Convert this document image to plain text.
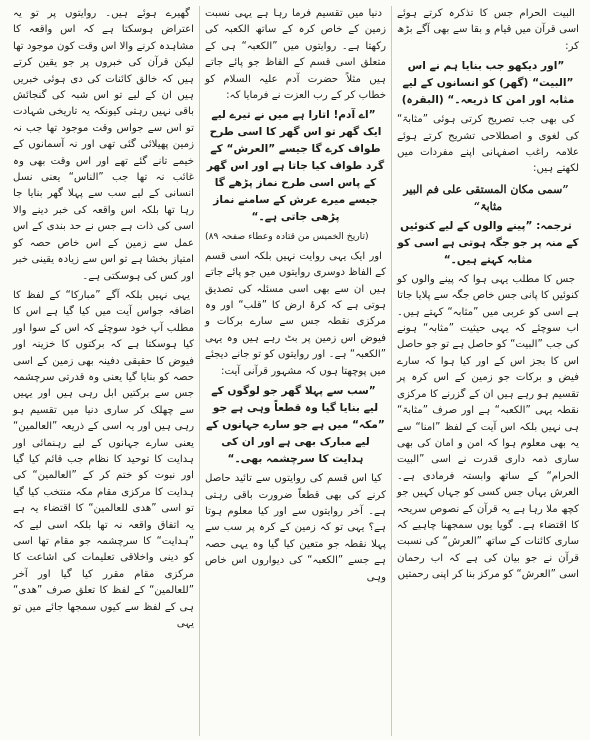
البیت الحرام جس کا تذکرہ کرتے ہوئے اسی قرآن میں قیام و بقا سے بھی آگے بڑھ کر:

”اور دیکھو جب بنایا ہم نے اس ”البیت“ (گھر) کو انسانوں کے لیے مثابہ اور امن کا ذریعہ۔“ (البقرہ)

کی بھی جب تصریح کرتی ہوئی ”مثابۃ“ کی لغوی و اصطلاحی تشریح کرتے ہوئے علامہ راغب اصفہانی اپنے مفردات میں لکھتے ہیں:

”سمی مکان المستقی علی فم البیر مثابۃ“

ترجمہ: ”پینے والوں کے لیے کنوئیں کے منہ پر جو جگہ ہوتی ہے اسی کو مثابہ کہتے ہیں۔“

جس کا مطلب یہی ہوا کہ پینے والوں کو کنوئیں کا پانی جس خاص جگہ سے پلایا جاتا ہے اسی کو عربی میں ”مثابہ“ کہتے ہیں۔ اب سوچئے کہ یہی حیثیت ”مثابہ“ ہونے کی جب ”البیت“ کو حاصل ہے تو جو حاصل اس کا بجز اس کے اور کیا ہوا کہ سارے فیض و برکات جو زمین کے اس کرہ پر تقسیم ہو رہے ہیں ان کے گزرنے کا مرکزی نقطہ یہی ”الکعبہ“ ہے اور صرف ”مثابۃ“ ہی نہیں بلکہ اس آیت کے لفظ ”امنا“ سے یہ بھی معلوم ہوا کہ امن و امان کی بھی ساری ذمہ داری قدرت نے اسی ”البیت الحرام“ کے ساتھ وابستہ فرمادی ہے۔ العرش یہاں جس کسی کو جہاں کہیں جو کچھ ملا رہا ہے یہ قرآن کے نصوص سریحہ کا اقتضاء ہے۔ گویا یوں سمجھنا چاہیے کہ ساری کائنات کے ساتھ ”العرش“ کی نسبت قرآن نے جو بیان کی ہے کہ اب رحمان اسی ”العرش“ کو مرکز بنا کر اپنی رحمتیں

دنیا میں تقسیم فرما رہا ہے یہی نسبت زمین کے خاص کرہ کے ساتھ الکعبہ کی رکھتا ہے۔ روایتوں میں ”الکعبہ“ ہی کے متعلق اسی قسم کے الفاظ جو پائے جاتے ہیں مثلاً حضرت آدم علیہ السلام کو خطاب کر کے رب العزت نے فرمایا کہ:

”اے آدم! اتارا ہے میں نے تیرے لیے ایک گھر تو اس گھر کا اسی طرح طواف کرے گا جیسے ”العرش“ کے گرد طواف کیا جاتا ہے اور اس گھر کے پاس اسی طرح نماز پڑھے گا جیسے میرے عرش کے سامنے نماز پڑھی جاتی ہے۔“

(تاریخ الخمیس من قتادہ وعطاء صفحہ ۸۹)

اور ایک یہی روایت نہیں بلکہ اسی قسم کے الفاظ دوسری روایتوں میں جو پائے جاتے ہیں ان سے بھی اسی مسئلہ کی تصدیق ہوتی ہے کہ کرۂ ارض کا ”قلب“ اور وہ مرکزی نقطہ جس سے سارے برکات و فیوض اس زمین پر بٹ رہے ہیں وہ یہی ”الکعبہ“ ہے۔ اور روایتوں کو تو جانے دیجئے میں پوچھتا ہوں کہ مشہور قرآنی آیت:

”سب سے پہلا گھر جو لوگوں کے لیے بنایا گیا وہ قطعاً وہی ہے جو ”مکہ“ میں ہے جو سارے جہانوں کے لیے مبارک بھی ہے اور ان کی ہدایت کا سرچشمہ بھی۔“

کیا اس قسم کی روایتوں سے تائید حاصل کرنے کی بھی قطعاً ضرورت باقی رہتی ہے۔ آخر روایتوں سے اور کیا معلوم ہوتا ہے؟ یہی تو کہ زمین کے کرہ پر سب سے پہلا نقطہ جو متعین کیا گیا وہ یہی حصہ ہے جسے ”الکعبہ“ کی دیواروں اس خاص وہی

گھیرے ہوئے ہیں۔ روایتوں پر تو یہ اعتراض ہوسکتا ہے کہ اس واقعہ کا مشاہدہ کرنے والا اس وقت کون موجود تھا لیکن قرآن کی خبروں پر جو یقین کرتے ہیں کہ خالق کائنات کی دی ہوئی خبریں ہیں ان کے لیے تو اس شبہ کی گنجائش باقی نہیں رہتی کیونکہ یہ تاریخی شہادت تو اس سے جواس وقت موجود تھا جب نہ زمین پھیلائی گئی تھی اور نہ آسمانوں کے خیمے تانے گئے تھے اور اس وقت بھی وہ غائب نہ تھا جب ”الناس“ یعنی نسل انسانی کے لیے سب سے پہلا گھر بنایا جا رہا تھا بلکہ اس واقعہ کی خبر دینے والا اسی کی ذات ہے جس نے حد بندی کے اس عمل سے زمین کے اس خاص حصہ کو امتیاز بخشا ہے تو اس سے زیادہ یقینی خبر اور کس کی ہوسکتی ہے۔

یہی نہیں بلکہ آگے ”مبارکا“ کے لفظ کا اضافہ جواس آیت میں کیا گیا ہے اس کا مطلب آپ خود سوچئے کہ اس کے سوا اور کیا ہوسکتا ہے کہ برکتوں کا خزینہ اور فیوض کا حقیقی دفینہ بھی زمین کے اسی حصہ کو بنایا گیا یعنی وہ قدرتی سرچشمہ جس سے برکتیں ابل رہی ہیں اور یہیں سے چھلک کر ساری دنیا میں تقسیم ہو رہی ہیں اور یہ اسی کے ذریعہ ”العالمین“ یعنی سارے جہانوں کے لیے رہنمائی اور ہدایت کا توحید کا نظام جب قائم کیا گیا اور نبوت کو ختم کر کے ”العالمین“ کی ہدایت کا مرکزی مقام مکہ منتخب کیا گیا تو اسی ”ھدی للعالمین“ کا اقتضاء یہ ہے یہ اتفاق واقعہ نہ تھا بلکہ اسی لیے کہ ”ہدایت“ کا سرچشمہ جو مقام تھا اسی کو دینی واخلاقی تعلیمات کی اشاعت کا مرکزی مقام مقرر کیا گیا اور آخر ”للعالمین“ کے لفظ کا تعلق صرف ”ھدی“ ہی کے لفظ سے کیوں سمجھا جائے میں تو یہی
